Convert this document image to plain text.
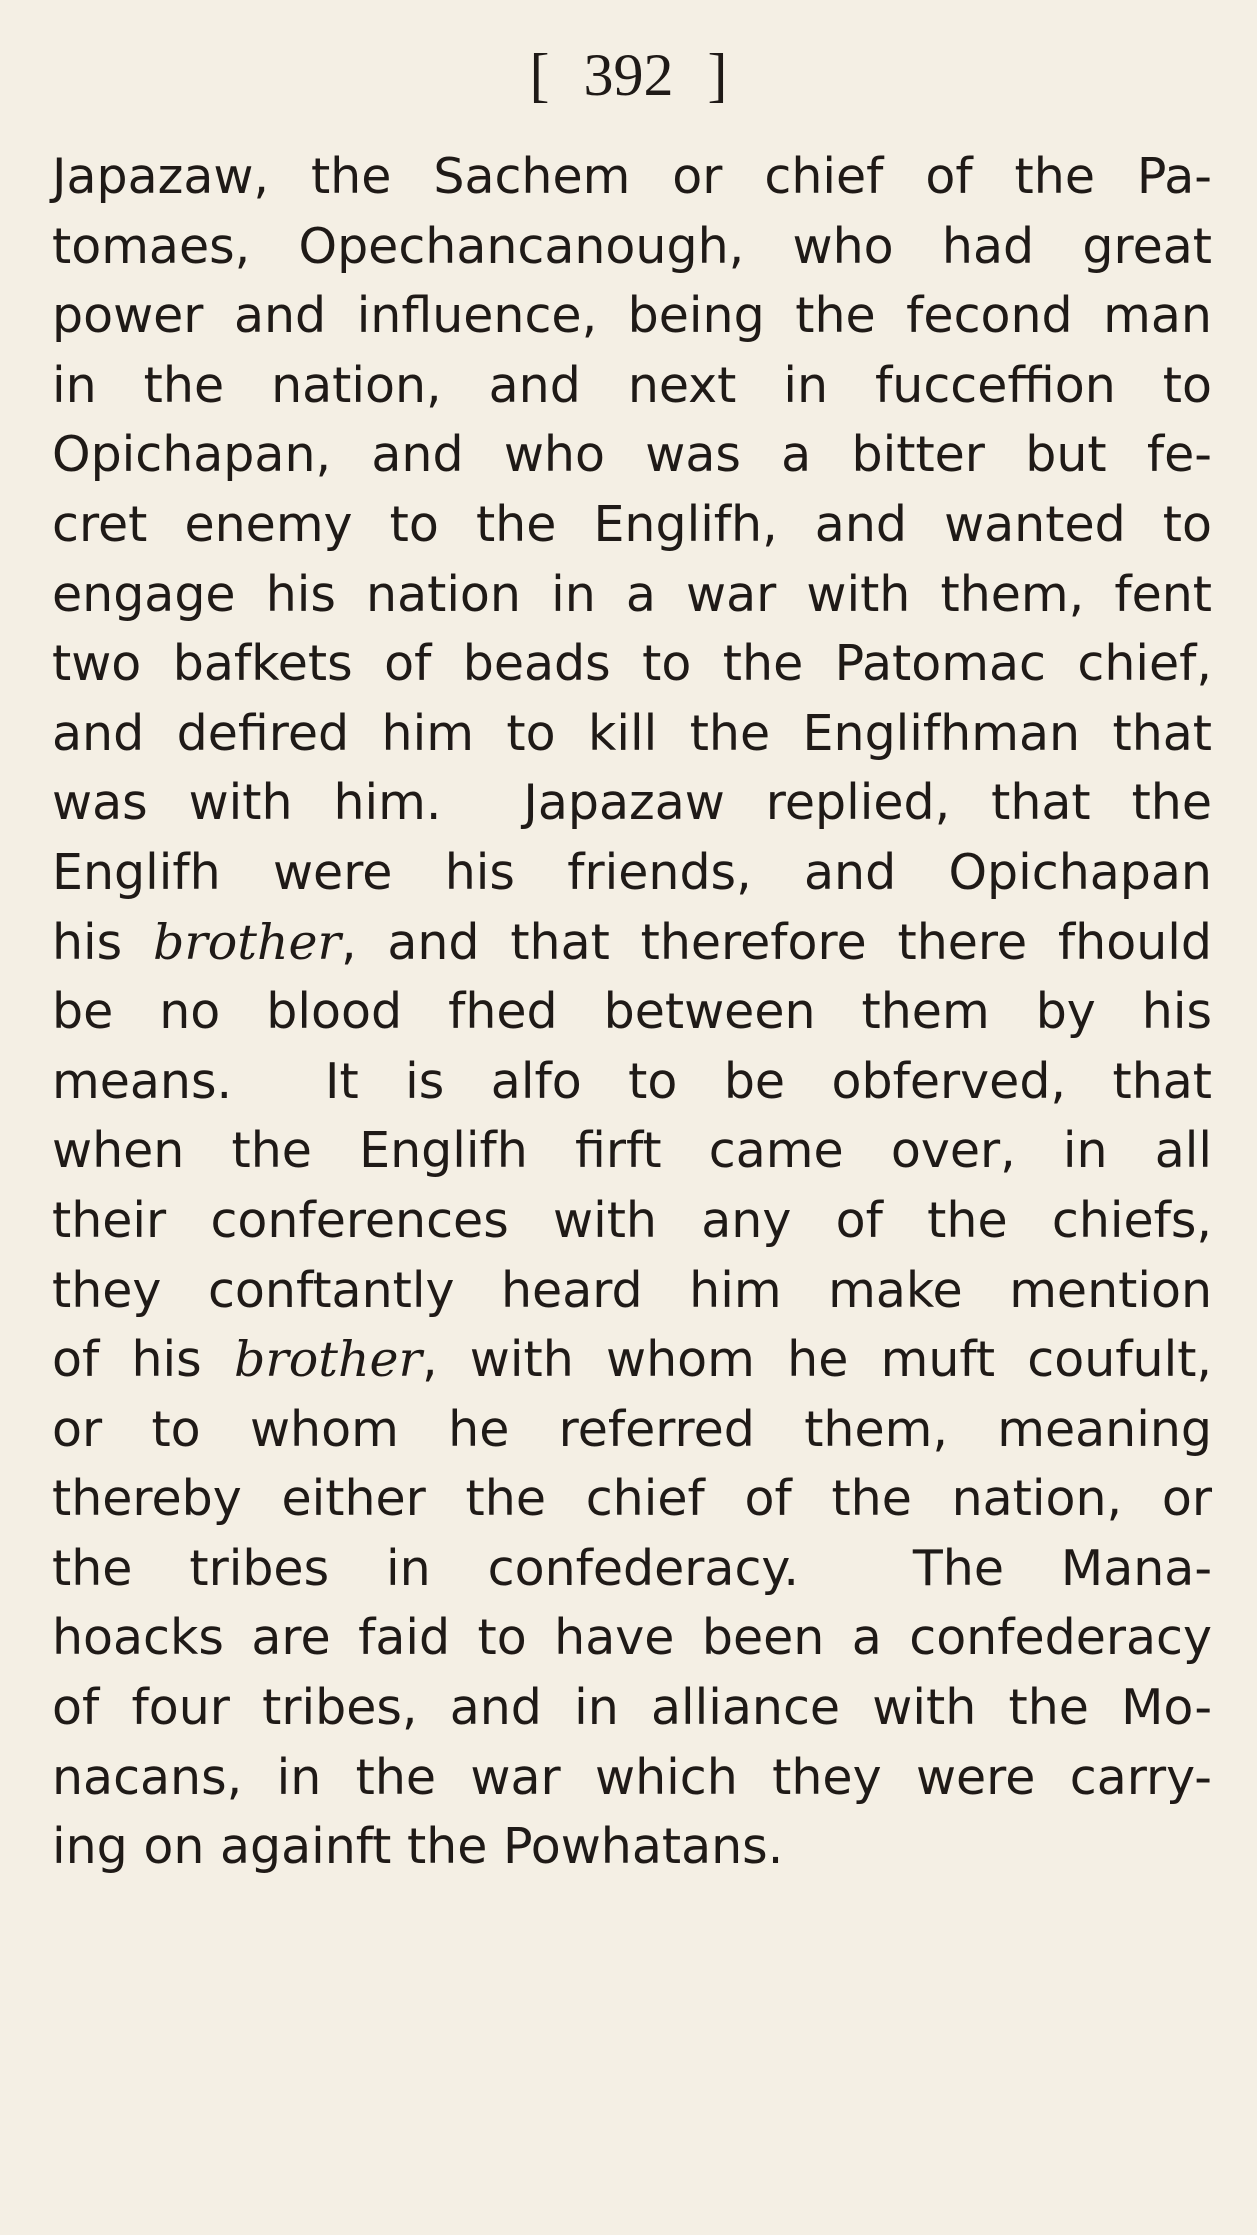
[ 392 ]
Japazaw, the Sachem or chief of the Pa-
tomaes, Opechancanough, who had great
power and influence, being the fecond man
in the nation, and next in fucceffion to
Opichapan, and who was a bitter but fe-
cret enemy to the Englifh, and wanted to
engage his nation in a war with them, fent
two bafkets of beads to the Patomac chief,
and defired him to kill the Englifhman that
was with him.  Japazaw replied, that the
Englifh were his friends, and Opichapan
his brother, and that therefore there fhould
be no blood fhed between them by his
means.  It is alfo to be obferved, that
when the Englifh firft came over, in all
their conferences with any of the chiefs,
they conftantly heard him make mention
of his brother, with whom he muft coufult,
or to whom he referred them, meaning
thereby either the chief of the nation, or
the tribes in confederacy.  The Mana-
hoacks are faid to have been a confederacy
of four tribes, and in alliance with the Mo-
nacans, in the war which they were carry-
ing on againft the Powhatans.
